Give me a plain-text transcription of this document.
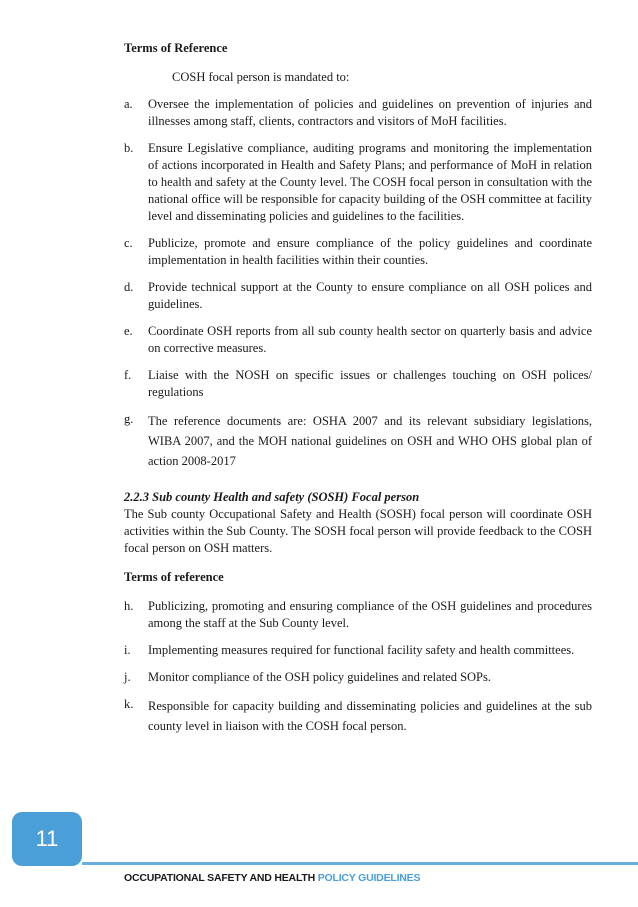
Terms of Reference
COSH focal person is mandated to:
a.	Oversee the implementation of policies and guidelines on prevention of injuries and illnesses among staff, clients, contractors and visitors of MoH facilities.
b.	Ensure Legislative compliance, auditing programs and monitoring the implementation of actions incorporated in Health and Safety Plans; and performance of MoH in relation to health and safety at the County level. The COSH focal person in consultation with the national office will be responsible for capacity building of the OSH committee at facility level and disseminating policies and guidelines to the facilities.
c.	Publicize, promote and ensure compliance of the policy guidelines and coordinate implementation in health facilities within their counties.
d.	Provide technical support at the County to ensure compliance on all OSH polices and guidelines.
e.	Coordinate OSH reports from all sub county health sector on quarterly basis and advice on corrective measures.
f.	Liaise with the NOSH on specific issues or challenges touching on OSH polices/ regulations
g.	The reference documents are: OSHA 2007 and its relevant subsidiary legislations, WIBA 2007, and the MOH national guidelines on OSH and WHO OHS global plan of action 2008-2017
2.2.3 Sub county Health and safety (SOSH) Focal person
The Sub county Occupational Safety and Health (SOSH) focal person will coordinate OSH activities within the Sub County. The SOSH focal person will provide feedback to the COSH focal person on OSH matters.
Terms of reference
h.	Publicizing, promoting and ensuring compliance of the OSH guidelines and procedures among the staff at the Sub County level.
i.	Implementing measures required for functional facility safety and health committees.
j.	Monitor compliance of the OSH policy guidelines and related SOPs.
k.	Responsible for capacity building and disseminating policies and guidelines at the sub county level in liaison with the COSH focal person.
11
OCCUPATIONAL SAFETY AND HEALTH POLICY GUIDELINES
